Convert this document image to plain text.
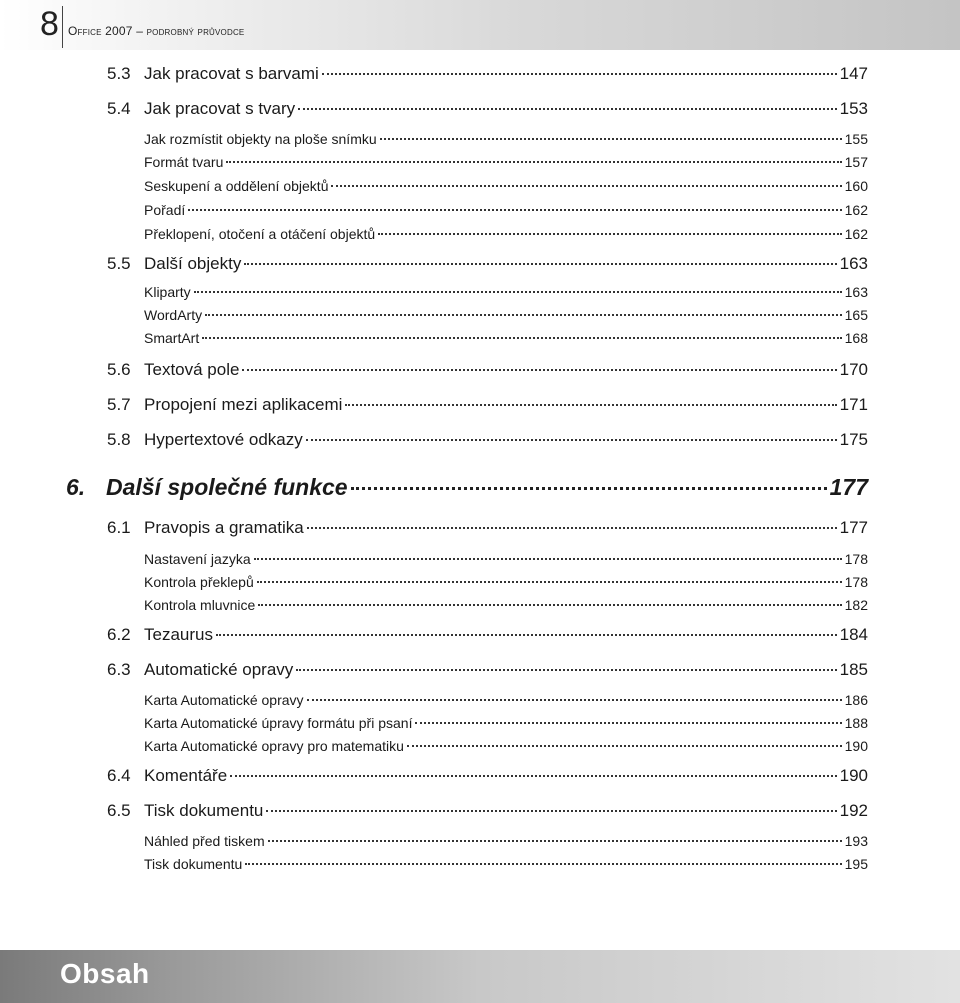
8 Office 2007 – podrobný průvodce
5.3 Jak pracovat s barvami	147
5.4 Jak pracovat s tvary	153
Jak rozmístit objekty na ploše snímku	155
Formát tvaru	157
Seskupení a oddělení objektů	160
Pořadí	162
Překlopení, otočení a otáčení objektů	162
5.5 Další objekty	163
Kliparty	163
WordArty	165
SmartArt	168
5.6 Textová pole	170
5.7 Propojení mezi aplikacemi	171
5.8 Hypertextové odkazy	175
6. Další společné funkce	177
6.1 Pravopis a gramatika	177
Nastavení jazyka	178
Kontrola překlepů	178
Kontrola mluvnice	182
6.2 Tezaurus	184
6.3 Automatické opravy	185
Karta Automatické opravy	186
Karta Automatické úpravy formátu při psaní	188
Karta Automatické opravy pro matematiku	190
6.4 Komentáře	190
6.5 Tisk dokumentu	192
Náhled před tiskem	193
Tisk dokumentu	195
Obsah
